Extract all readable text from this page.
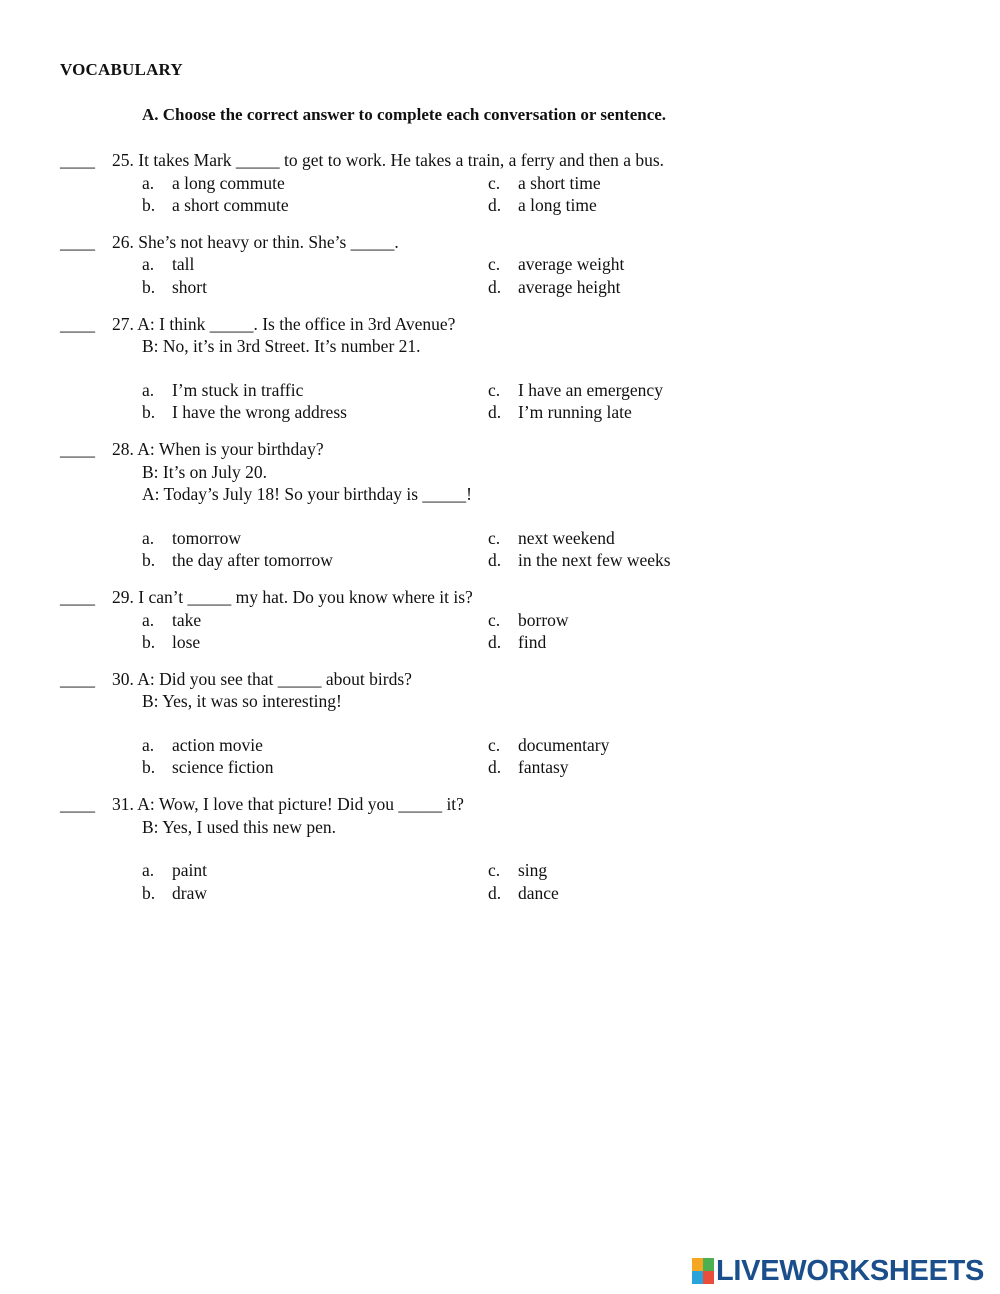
VOCABULARY
A. Choose the correct answer to complete each conversation or sentence.
____ 25. It takes Mark _____ to get to work. He takes a train, a ferry and then a bus.
a. a long commute	c. a short time
b. a short commute	d. a long time
____ 26. She’s not heavy or thin. She’s _____.
a. tall	c. average weight
b. short	d. average height
____ 27. A: I think _____. Is the office in 3rd Avenue?
B: No, it’s in 3rd Street. It’s number 21.
a. I’m stuck in traffic	c. I have an emergency
b. I have the wrong address	d. I’m running late
____ 28. A: When is your birthday?
B: It’s on July 20.
A: Today’s July 18! So your birthday is _____!
a. tomorrow	c. next weekend
b. the day after tomorrow	d. in the next few weeks
____ 29. I can’t _____ my hat. Do you know where it is?
a. take	c. borrow
b. lose	d. find
____ 30. A: Did you see that _____ about birds?
B: Yes, it was so interesting!
a. action movie	c. documentary
b. science fiction	d. fantasy
____ 31. A: Wow, I love that picture! Did you _____ it?
B: Yes, I used this new pen.
a. paint	c. sing
b. draw	d. dance
LIVEWORKSHEETS
